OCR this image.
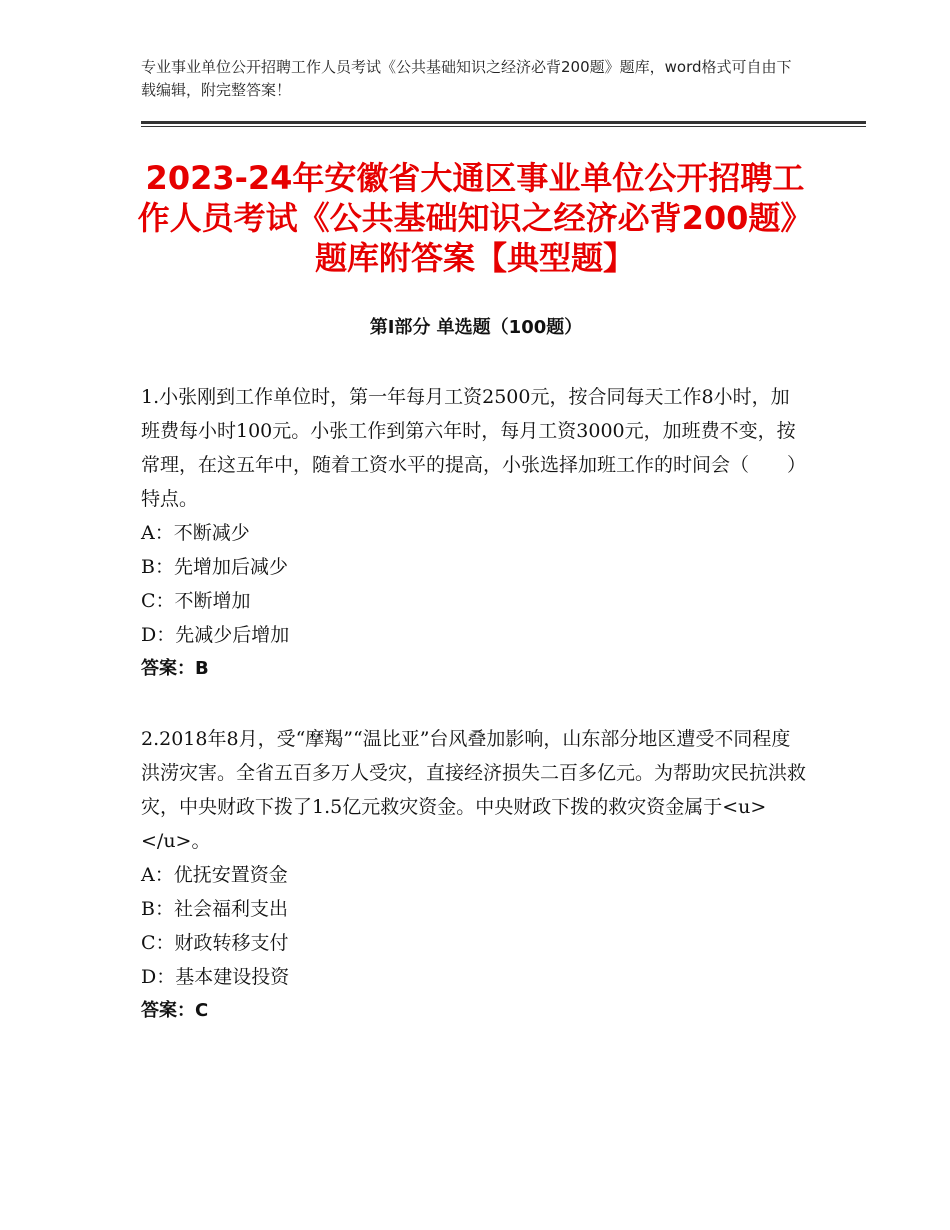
专业事业单位公开招聘工作人员考试《公共基础知识之经济必背200题》题库，word格式可自由下载编辑，附完整答案！
2023-24年安徽省大通区事业单位公开招聘工作人员考试《公共基础知识之经济必背200题》题库附答案【典型题】
第Ⅰ部分 单选题（100题）

1.小张刚到工作单位时，第一年每月工资2500元，按合同每天工作8小时，加班费每小时100元。小张工作到第六年时，每月工资3000元，加班费不变，按常理，在这五年中，随着工资水平的提高，小张选择加班工作的时间会（　　）特点。

A：不断减少

B：先增加后减少

C：不断增加

D：先减少后增加

答案：B

2.2018年8月，受“摩羯”“温比亚”台风叠加影响，山东部分地区遭受不同程度洪涝灾害。全省五百多万人受灾，直接经济损失二百多亿元。为帮助灾民抗洪救灾，中央财政下拨了1.5亿元救灾资金。中央财政下拨的救灾资金属于<u>　　　</u>。

A：优抚安置资金

B：社会福利支出

C：财政转移支付

D：基本建设投资

答案：C
